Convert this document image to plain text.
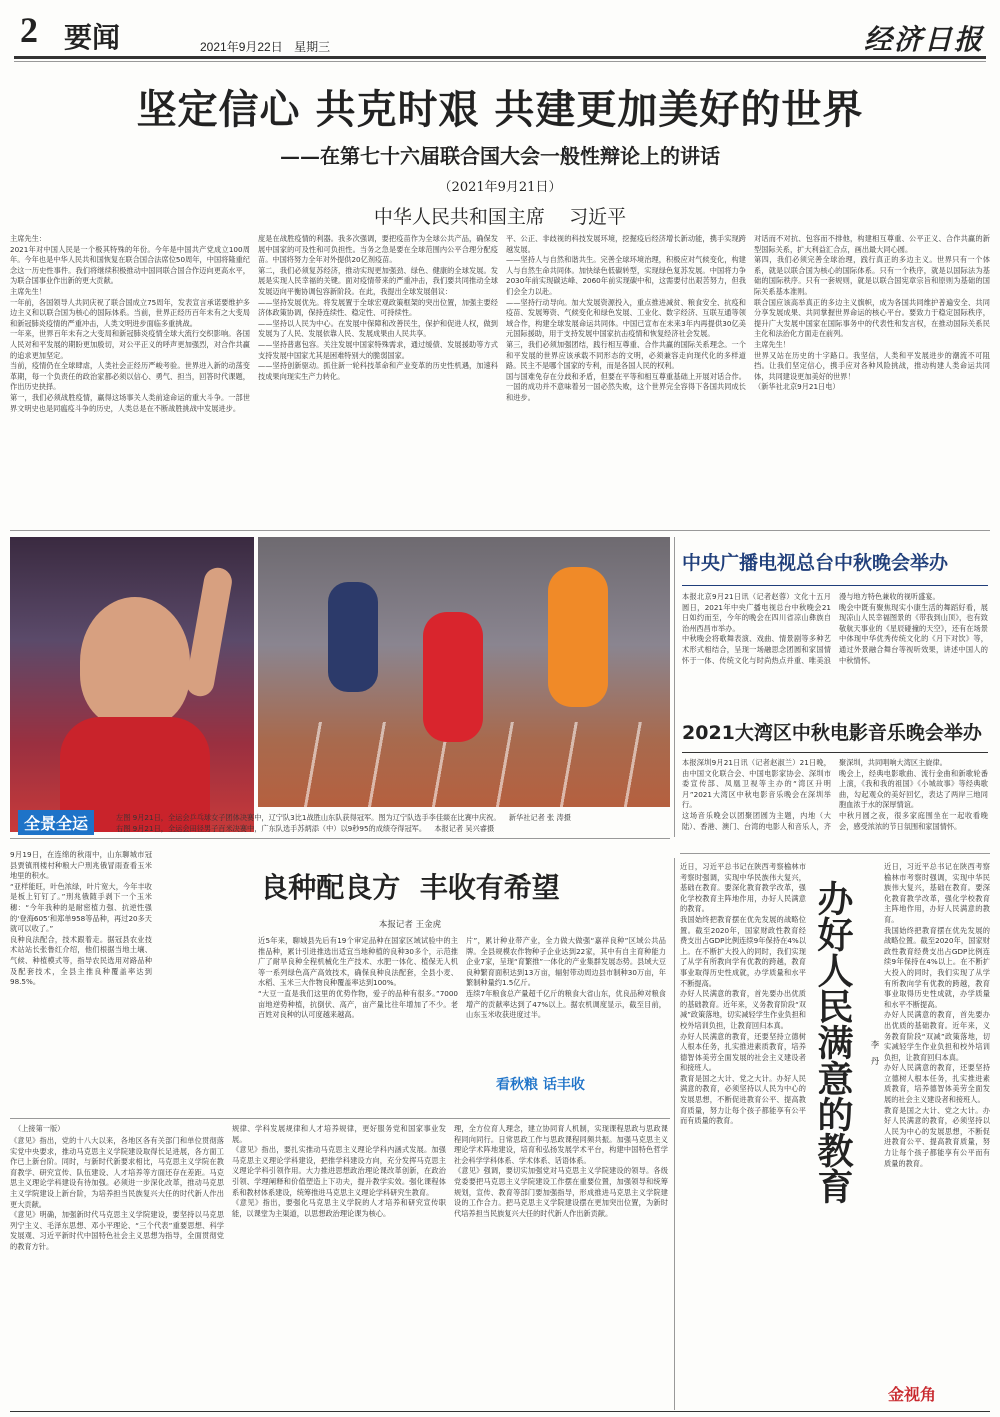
2 要闻	2021年9月22日 星期三	经济日报
坚定信心 共克时艰 共建更加美好的世界
——在第七十六届联合国大会一般性辩论上的讲话
（2021年9月21日）
中华人民共和国主席    习近平
主席先生：
2021年对中国人民是一个极其特殊的年份。今年是中国共产党成立100周年。今年也是中华人民共和国恢复在联合国合法席位50周年，中国将隆重纪念这一历史性事件。我们将继续积极推动中国同联合国合作迈向更高水平，为联合国事业作出新的更大贡献。
主席先生！
一年前，各国领导人共同庆祝了联合国成立75周年，发表宣言承诺要维护多边主义和以联合国为核心的国际体系。当前，世界正经历百年未有之大变局和新冠肺炎疫情的严重冲击，人类文明进步面临多重挑战。
一年来，世界百年未有之大变局和新冠肺炎疫情全球大流行交织影响。各国人民对和平发展的期盼更加殷切，对公平正义的呼声更加强烈，对合作共赢的追求更加坚定。
当前，疫情仍在全球肆虐，人类社会正经历严峻考验。世界进入新的动荡变革期，每一个负责任的政治家都必须以信心、勇气、担当，回答时代课题，作出历史抉择。
第一，我们必须战胜疫情，赢得这场事关人类前途命运的重大斗争。一部世界文明史也是同瘟疫斗争的历史，人类总是在不断战胜挑战中发展进步。
度是在战胜疫情的利器。我多次强调，要把疫苗作为全球公共产品，确保发展中国家的可及性和可负担性。当务之急是要在全球范围内公平合理分配疫苗。中国将努力全年对外提供20亿剂疫苗。
第二，我们必须复苏经济，推动实现更加强劲、绿色、健康的全球发展。发展是实现人民幸福的关键。面对疫情带来的严重冲击，我们要共同推动全球发展迈向平衡协调包容新阶段。在此，我提出全球发展倡议：
——坚持发展优先。将发展置于全球宏观政策框架的突出位置，加强主要经济体政策协调，保持连续性、稳定性、可持续性。
——坚持以人民为中心。在发展中保障和改善民生，保护和促进人权，做到发展为了人民、发展依靠人民、发展成果由人民共享。
——坚持普惠包容。关注发展中国家特殊需求，通过缓债、发展援助等方式支持发展中国家尤其是困难特别大的脆弱国家。
——坚持创新驱动。抓住新一轮科技革命和产业变革的历史性机遇，加速科技成果向现实生产力转化。
平、公正、非歧视的科技发展环境，挖掘疫后经济增长新动能，携手实现跨越发展。
——坚持人与自然和谐共生。完善全球环境治理，积极应对气候变化，构建人与自然生命共同体。加快绿色低碳转型，实现绿色复苏发展。中国将力争2030年前实现碳达峰、2060年前实现碳中和，这需要付出艰苦努力，但我们会全力以赴。
——坚持行动导向。加大发展资源投入，重点推进减贫、粮食安全、抗疫和疫苗、发展筹资、气候变化和绿色发展、工业化、数字经济、互联互通等领域合作，构建全球发展命运共同体。中国已宣布在未来3年内再提供30亿美元国际援助，用于支持发展中国家抗击疫情和恢复经济社会发展。
第三，我们必须加强团结，践行相互尊重、合作共赢的国际关系理念。一个和平发展的世界应该承载不同形态的文明，必须兼容走向现代化的多样道路。民主不是哪个国家的专利，而是各国人民的权利。
国与国难免存在分歧和矛盾，但要在平等和相互尊重基础上开展对话合作。一国的成功并不意味着另一国必然失败，这个世界完全容得下各国共同成长和进步。
对话而不对抗、包容而不排他，构建相互尊重、公平正义、合作共赢的新型国际关系，扩大利益汇合点，画出最大同心圆。
第四，我们必须完善全球治理，践行真正的多边主义。世界只有一个体系，就是以联合国为核心的国际体系。只有一个秩序，就是以国际法为基础的国际秩序。只有一套规则，就是以联合国宪章宗旨和原则为基础的国际关系基本准则。
联合国应该高举真正的多边主义旗帜，成为各国共同维护普遍安全、共同分享发展成果、共同掌握世界命运的核心平台。要致力于稳定国际秩序，提升广大发展中国家在国际事务中的代表性和发言权，在推动国际关系民主化和法治化方面走在前列。
主席先生！
世界又站在历史的十字路口。我坚信，人类和平发展进步的潮流不可阻挡。让我们坚定信心，携手应对各种风险挑战，推动构建人类命运共同体，共同建设更加美好的世界！
（新华社北京9月21日电）
全景全运	左图 9月21日，全运会乒乓球女子团体决赛中，辽宁队3比1战胜山东队获得冠军。图为辽宁队选手李佳燚在比赛中庆祝。 新华社记者 张 涛摄
右图 9月21日，全运会田径男子百米决赛中，广东队选手苏炳添（中）以9秒95的成绩夺得冠军。 本报记者 吴兴睿摄
中央广播电视总台中秋晚会举办
本报北京9月21日讯（记者赵蓉）文化十五月圆日，2021年中央广播电视总台中秋晚会21日如约而至，今年的晚会在四川省凉山彝族自治州西昌市举办。
中秋晚会将歌舞表演、戏曲、情景剧等多种艺术形式相结合，呈现一场融思念团圆和家国情怀于一体、传统文化与时尚热点并重、唯美浪漫与地方特色兼收的视听盛宴。
晚会中既有聚焦现实小康生活的舞蹈好看，展现凉山人民幸福图景的《带我到山顶》，也有致敬航天事业的《星辰碰撞的天空》，还有在场景中体现中华优秀传统文化的《月下对饮》等，通过外景融合舞台等视听效果，讲述中国人的中秋情怀。
2021大湾区中秋电影音乐晚会举办
本报深圳9月21日讯（记者赵淑兰）21日晚，由中国文化联合会、中国电影家协会、深圳市委宣传部、凤凰卫视等主办的“湾区升明月”2021大湾区中秋电影音乐晚会在深圳举行。
这场音乐晚会以团聚团圆为主题，内地（大陆）、香港、澳门、台湾的电影人和音乐人，齐聚深圳，共同唱响大湾区主旋律。
晚会上，经典电影歌曲、流行金曲和新歌轮番上演，《我和我的祖国》《小城故事》等经典歌曲，勾起观众的美好回忆，表达了两岸三地同胞血浓于水的深厚情谊。
中秋月圆之夜，很多家庭围坐在一起收看晚会，感受浓浓的节日氛围和家国情怀。
9月19日，在连绵的秋雨中，山东聊城市冠县贾镇刑楼村种粮大户刑兆俄冒雨查看玉米地里的积水。
“亚样能旺，叶色浓绿，叶片宽大，今年丰收是板上钉钉了。”刑兆俄随手剥下一个玉米穗：“今年我种的是耐密植力强、抗逆性强的‘登海605’和郑单958等品种，再过20多天就可以收了。”
良种良法配合，技术跟着走。据冠县农业技术站站长张鲁红介绍，他们根据当地土壤、气候、种植模式等，指导农民选用对路品种及配套技术，全县主推良种覆盖率达到98.5%。
良种配良方  丰收有希望
本报记者 王金虎
近5年来，聊城县先后有19个审定品种在国家区域试验中的主推品种，累计引进推选出适宜当地种植的良种30多个，示范推广了耐旱良种全程机械化生产技术、水肥一体化、植保无人机等一系列绿色高产高效技术，确保良种良法配套，全县小麦、水稻、玉米三大作物良种覆盖率达到100%。
“大豆一直是我们这里的优势作物，爱子的品种有很多。”7000亩地逆势种植，抗倒伏、高产，亩产量比往年增加了不少。老百姓对良种的认可度越来越高。
片”，累计种业带产业，全力做大做强“嘉祥良种”区域公共品牌。全县规模农作物种子企业达到22家，其中有自主育种能力企业7家，呈现“育繁推”一体化的产业集群发展态势。县域大豆良种繁育面积达到13万亩，辐射带动周边县市制种30万亩，年繁制种量约1.5亿斤。
连续7年粮食总产量超千亿斤的粮食大省山东，优良品种对粮食增产的贡献率达到了47%以上。据农机调度显示，截至目前，山东玉米收获进度过半。
看秋粮 话丰收
（上接第一版）
《意见》指出，党的十八大以来，各地区各有关部门和单位贯彻落实党中央要求，推动马克思主义学院建设取得长足进展，各方面工作已上新台阶。同时，与新时代新要求相比，马克思主义学院在教育教学、研究宣传、队伍建设、人才培养等方面还存在差距。马克思主义理论学科建设有待加强。必须进一步深化改革，推动马克思主义学院建设上新台阶，为培养担当民族复兴大任的时代新人作出更大贡献。
《意见》明确，加强新时代马克思主义学院建设，要坚持以马克思列宁主义、毛泽东思想、邓小平理论、“三个代表”重要思想、科学发展观、习近平新时代中国特色社会主义思想为指导，全面贯彻党的教育方针。
规律、学科发展规律和人才培养规律，更好服务党和国家事业发展。
《意见》指出，要扎实推动马克思主义理论学科内涵式发展。加强马克思主义理论学科建设，把推学科建设方向，充分发挥马克思主义理论学科引领作用。大力推进思想政治理论课改革创新，在政治引领、学理阐释和价值塑造上下功夫，提升教学实效。强化课程体系和教材体系建设，统筹推进马克思主义理论学科研究生教育。
《意见》指出，要强化马克思主义学院的人才培养和研究宣传职能，以课堂为主渠道，以思想政治理论课为核心。
理，全方位育人理念，建立协同育人机制，实现课程思政与思政课程同向同行。日常思政工作与思政课程同频共振。加强马克思主义理论学术阵地建设，培育和弘扬发展学术平台，构建中国特色哲学社会科学学科体系、学术体系、话语体系。
《意见》强调，要切实加强党对马克思主义学院建设的领导。各级党委要把马克思主义学院建设工作摆在重要位置，加强领导和统筹规划，宣传、教育等部门要加强指导，形成推进马克思主义学院建设的工作合力。把马克思主义学院建设摆在更加突出位置，为新时代培养担当民族复兴大任的时代新人作出新贡献。
近日，习近平总书记在陕西考察榆林市考察时强调，实现中华民族伟大复兴，基础在教育。要深化教育教学改革，强化学校教育主阵地作用，办好人民满意的教育。
我国始终把教育摆在优先发展的战略位置。截至2020年，国家财政性教育经费支出占GDP比例连续9年保持在4%以上。在不断扩大投入的同时，我们实现了从学有所教向学有优教的跨越，教育事业取得历史性成就，办学质量和水平不断提高。
办好人民满意的教育，首先要办出优质的基础教育。近年来，义务教育阶段“双减”政策落地，切实减轻学生作业负担和校外培训负担，让教育回归本真。
办好人民满意的教育，还要坚持立德树人根本任务，扎实推进素质教育，培养德智体美劳全面发展的社会主义建设者和接班人。
教育是国之大计、党之大计。办好人民满意的教育，必须坚持以人民为中心的发展思想，不断促进教育公平、提高教育质量，努力让每个孩子都能享有公平而有质量的教育。	办好人民满意的教育 李丹
近日，习近平总书记在陕西考察榆林市考察时强调，实现中华民族伟大复兴，基础在教育。要深化教育教学改革，强化学校教育主阵地作用，办好人民满意的教育。
我国始终把教育摆在优先发展的战略位置。截至2020年，国家财政性教育经费支出占GDP比例连续9年保持在4%以上。在不断扩大投入的同时，我们实现了从学有所教向学有优教的跨越，教育事业取得历史性成就，办学质量和水平不断提高。
办好人民满意的教育，首先要办出优质的基础教育。近年来，义务教育阶段“双减”政策落地，切实减轻学生作业负担和校外培训负担，让教育回归本真。
办好人民满意的教育，还要坚持立德树人根本任务，扎实推进素质教育，培养德智体美劳全面发展的社会主义建设者和接班人。
教育是国之大计、党之大计。办好人民满意的教育，必须坚持以人民为中心的发展思想，不断促进教育公平、提高教育质量，努力让每个孩子都能享有公平而有质量的教育。
金视角
